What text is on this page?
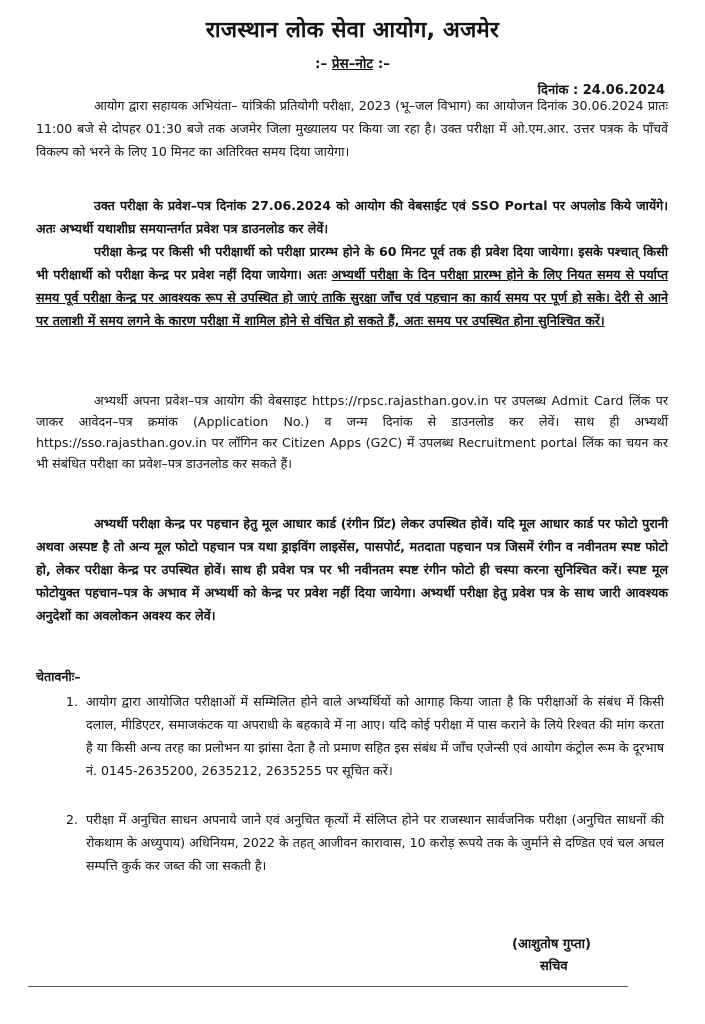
राजस्थान लोक सेवा आयोग, अजमेर
:– प्रेस–नोट :–
दिनांक : 24.06.2024

आयोग द्वारा सहायक अभियंता– यांत्रिकी प्रतियोगी परीक्षा, 2023 (भू–जल विभाग) का आयोजन दिनांक 30.06.2024 प्रातः 11:00 बजे से दोपहर 01:30 बजे तक अजमेर जिला मुख्यालय पर किया जा रहा है। उक्त परीक्षा में ओ.एम.आर. उत्तर पत्रक के पाँचवें विकल्प को भरने के लिए 10 मिनट का अतिरिक्त समय दिया जायेगा।

उक्त परीक्षा के प्रवेश–पत्र दिनांक 27.06.2024 को आयोग की वेबसाईट एवं SSO Portal पर अपलोड किये जायेंगे। अतः अभ्यर्थी यथाशीघ्र समयान्तर्गत प्रवेश पत्र डाउनलोड कर लेवें।

परीक्षा केन्द्र पर किसी भी परीक्षार्थी को परीक्षा प्रारम्भ होने के 60 मिनट पूर्व तक ही प्रवेश दिया जायेगा। इसके पश्चात् किसी भी परीक्षार्थी को परीक्षा केन्द्र पर प्रवेश नहीं दिया जायेगा। अतः अभ्यर्थी परीक्षा के दिन परीक्षा प्रारम्भ होने के लिए नियत समय से पर्याप्त समय पूर्व परीक्षा केन्द्र पर आवश्यक रूप से उपस्थित हो जाएं ताकि सुरक्षा जाँच एवं पहचान का कार्य समय पर पूर्ण हो सके। देरी से आने पर तलाशी में समय लगने के कारण परीक्षा में शामिल होने से वंचित हो सकते हैं, अतः समय पर उपस्थित होना सुनिश्चित करें।

अभ्यर्थी अपना प्रवेश–पत्र आयोग की वेबसाइट https://rpsc.rajasthan.gov.in पर उपलब्ध Admit Card लिंक पर जाकर आवेदन–पत्र क्रमांक (Application No.) व जन्म दिनांक से डाउनलोड कर लेवें। साथ ही अभ्यर्थी https://sso.rajasthan.gov.in पर लॉगिन कर Citizen Apps (G2C) में उपलब्ध Recruitment portal लिंक का चयन कर भी संबंधित परीक्षा का प्रवेश–पत्र डाउनलोड कर सकते हैं।

अभ्यर्थी परीक्षा केन्द्र पर पहचान हेतु मूल आधार कार्ड (रंगीन प्रिंट) लेकर उपस्थित होवें। यदि मूल आधार कार्ड पर फोटो पुरानी अथवा अस्पष्ट है तो अन्य मूल फोटो पहचान पत्र यथा ड्राइविंग लाइसेंस, पासपोर्ट, मतदाता पहचान पत्र जिसमें रंगीन व नवीनतम स्पष्ट फोटो हो, लेकर परीक्षा केन्द्र पर उपस्थित होवें। साथ ही प्रवेश पत्र पर भी नवीनतम स्पष्ट रंगीन फोटो ही चस्पा करना सुनिश्चित करें। स्पष्ट मूल फोटोयुक्त पहचान–पत्र के अभाव में अभ्यर्थी को केन्द्र पर प्रवेश नहीं दिया जायेगा। अभ्यर्थी परीक्षा हेतु प्रवेश पत्र के साथ जारी आवश्यक अनुदेशों का अवलोकन अवश्य कर लेवें।

चेतावनीः–
1. आयोग द्वारा आयोजित परीक्षाओं में सम्मिलित होने वाले अभ्यर्थियों को आगाह किया जाता है कि परीक्षाओं के संबंध में किसी दलाल, मीडिएटर, समाजकंटक या अपराधी के बहकावे में ना आए। यदि कोई परीक्षा में पास कराने के लिये रिश्वत की मांग करता है या किसी अन्य तरह का प्रलोभन या झांसा देता है तो प्रमाण सहित इस संबंध में जाँच एजेन्सी एवं आयोग कंट्रोल रूम के दूरभाष नं. 0145-2635200, 2635212, 2635255 पर सूचित करें।

2. परीक्षा में अनुचित साधन अपनाये जाने एवं अनुचित कृत्यों में संलिप्त होने पर राजस्थान सार्वजनिक परीक्षा (अनुचित साधनों की रोकथाम के अध्युपाय) अधिनियम, 2022 के तहत् आजीवन कारावास, 10 करोड़ रूपये तक के जुर्माने से दण्डित एवं चल अचल सम्पत्ति कुर्क कर जब्त की जा सकती है।

(आशुतोष गुप्ता)
सचिव
